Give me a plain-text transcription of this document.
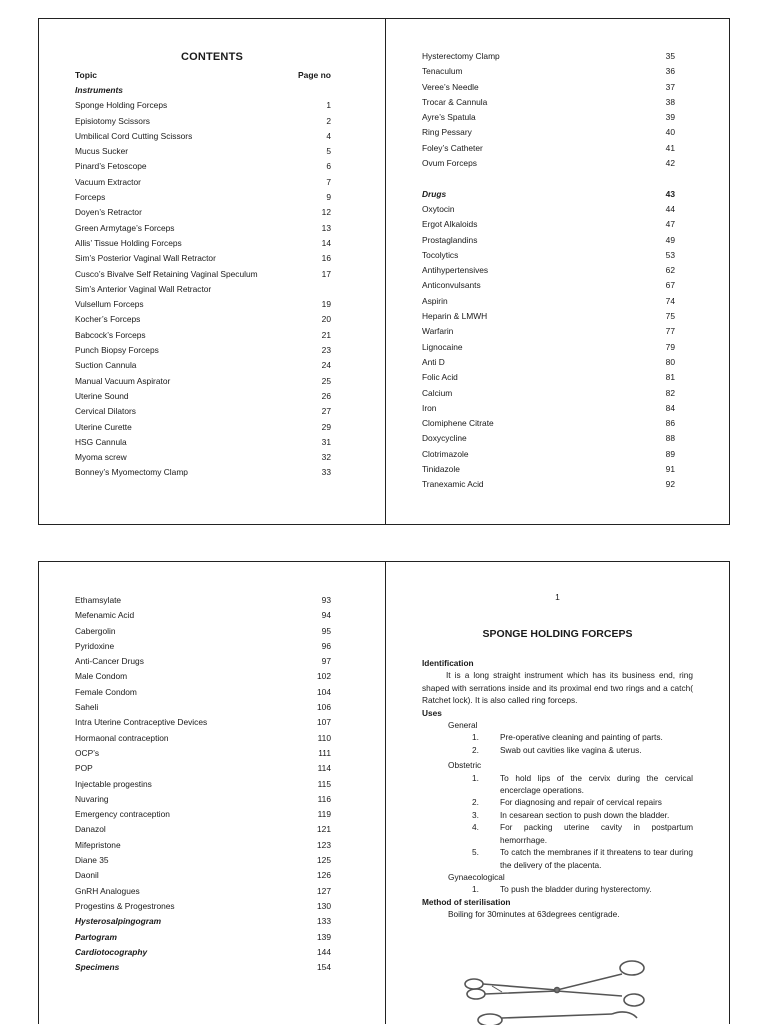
CONTENTS
Topic	Page no
Instruments
Sponge Holding Forceps	1
Episiotomy Scissors	2
Umbilical Cord Cutting Scissors	4
Mucus Sucker	5
Pinard’s Fetoscope	6
Vacuum Extractor	7
Forceps	9
Doyen’s Retractor	12
Green Armytage’s Forceps	13
Allis’ Tissue Holding Forceps	14
Sim’s Posterior Vaginal Wall Retractor	16
Cusco’s Bivalve Self Retaining Vaginal Speculum	17
Sim’s Anterior Vaginal Wall Retractor
Vulsellum Forceps	19
Kocher’s Forceps	20
Babcock’s Forceps	21
Punch Biopsy Forceps	23
Suction Cannula	24
Manual Vacuum Aspirator	25
Uterine Sound	26
Cervical Dilators	27
Uterine Curette	29
HSG Cannula	31
Myoma screw	32
Bonney’s Myomectomy Clamp	33
Hysterectomy Clamp	35
Tenaculum	36
Veree’s Needle	37
Trocar & Cannula	38
Ayre’s Spatula	39
Ring Pessary	40
Foley’s Catheter	41
Ovum Forceps	42
Drugs	43
Oxytocin	44
Ergot Alkaloids	47
Prostaglandins	49
Tocolytics	53
Antihypertensives	62
Anticonvulsants	67
Aspirin	74
Heparin & LMWH	75
Warfarin	77
Lignocaine	79
Anti D	80
Folic Acid	81
Calcium	82
Iron	84
Clomiphene Citrate	86
Doxycycline	88
Clotrimazole	89
Tinidazole	91
Tranexamic Acid	92
Ethamsylate	93
Mefenamic Acid	94
Cabergolin	95
Pyridoxine	96
Anti-Cancer Drugs	97
Male Condom	102
Female Condom	104
Saheli	106
Intra Uterine Contraceptive Devices	107
Hormaonal contraception	110
OCP’s	111
POP	114
Injectable progestins	115
Nuvaring	116
Emergency contraception	119
Danazol	121
Mifepristone	123
Diane 35	125
Daonil	126
GnRH Analogues	127
Progestins & Progestrones	130
Hysterosalpingogram	133
Partogram	139
Cardiotocography	144
Specimens	154
1
SPONGE HOLDING FORCEPS

Identification

It is a long straight instrument which has its business end, ring shaped with serrations inside and its proximal end two rings and a catch( Ratchet lock). It is also called ring forceps.

Uses

General

1.	Pre-operative cleaning and painting of parts.
2.	Swab out cavities like vagina & uterus.

Obstetric

1.	To hold lips of the cervix during the cervical encerclage operations.
2.	For diagnosing and repair of cervical repairs
3.	In cesarean section to push down the bladder.
4.	For packing uterine cavity in postpartum hemorrhage.
5.	To catch the membranes if it threatens to tear during the delivery of the placenta.

Gynaecological

1.	To push the bladder during hysterectomy.

Method of sterilisation

Boiling for 30minutes at 63degrees centigrade.
